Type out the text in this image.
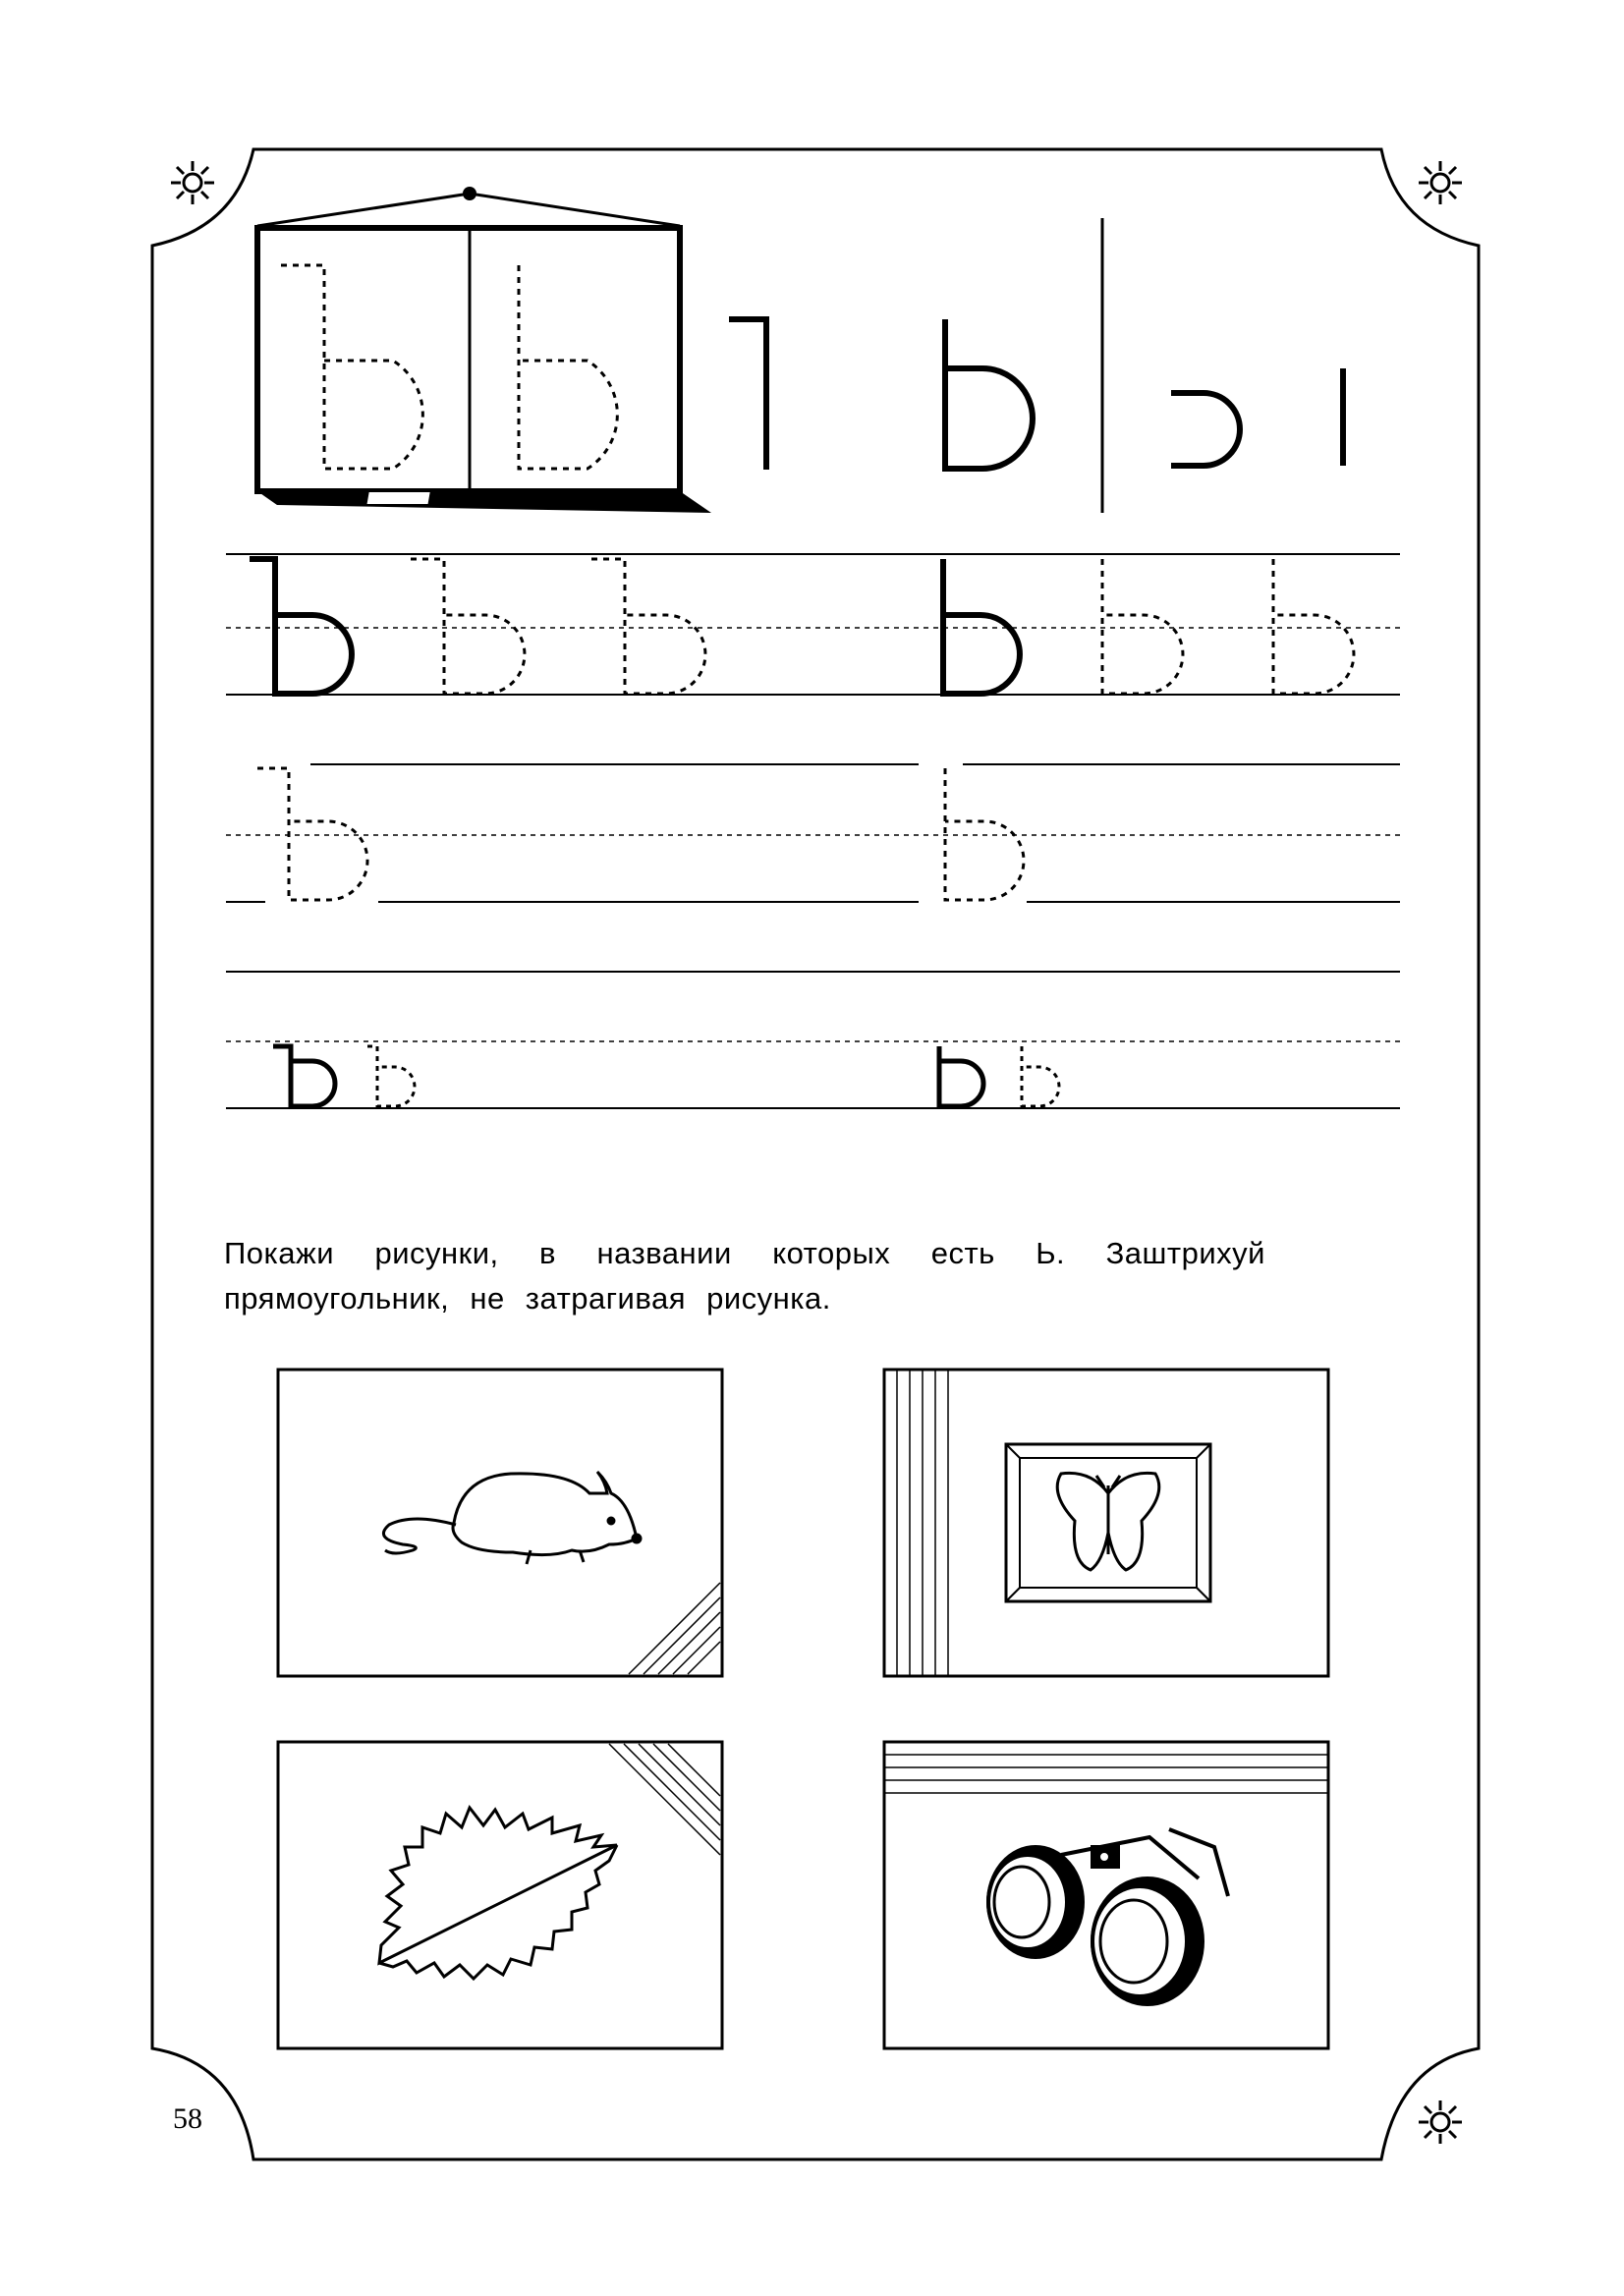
Покажи рисунки, в названии которых есть Ь. Заштрихуй прямоугольник, не затрагивая рисунка.

58
